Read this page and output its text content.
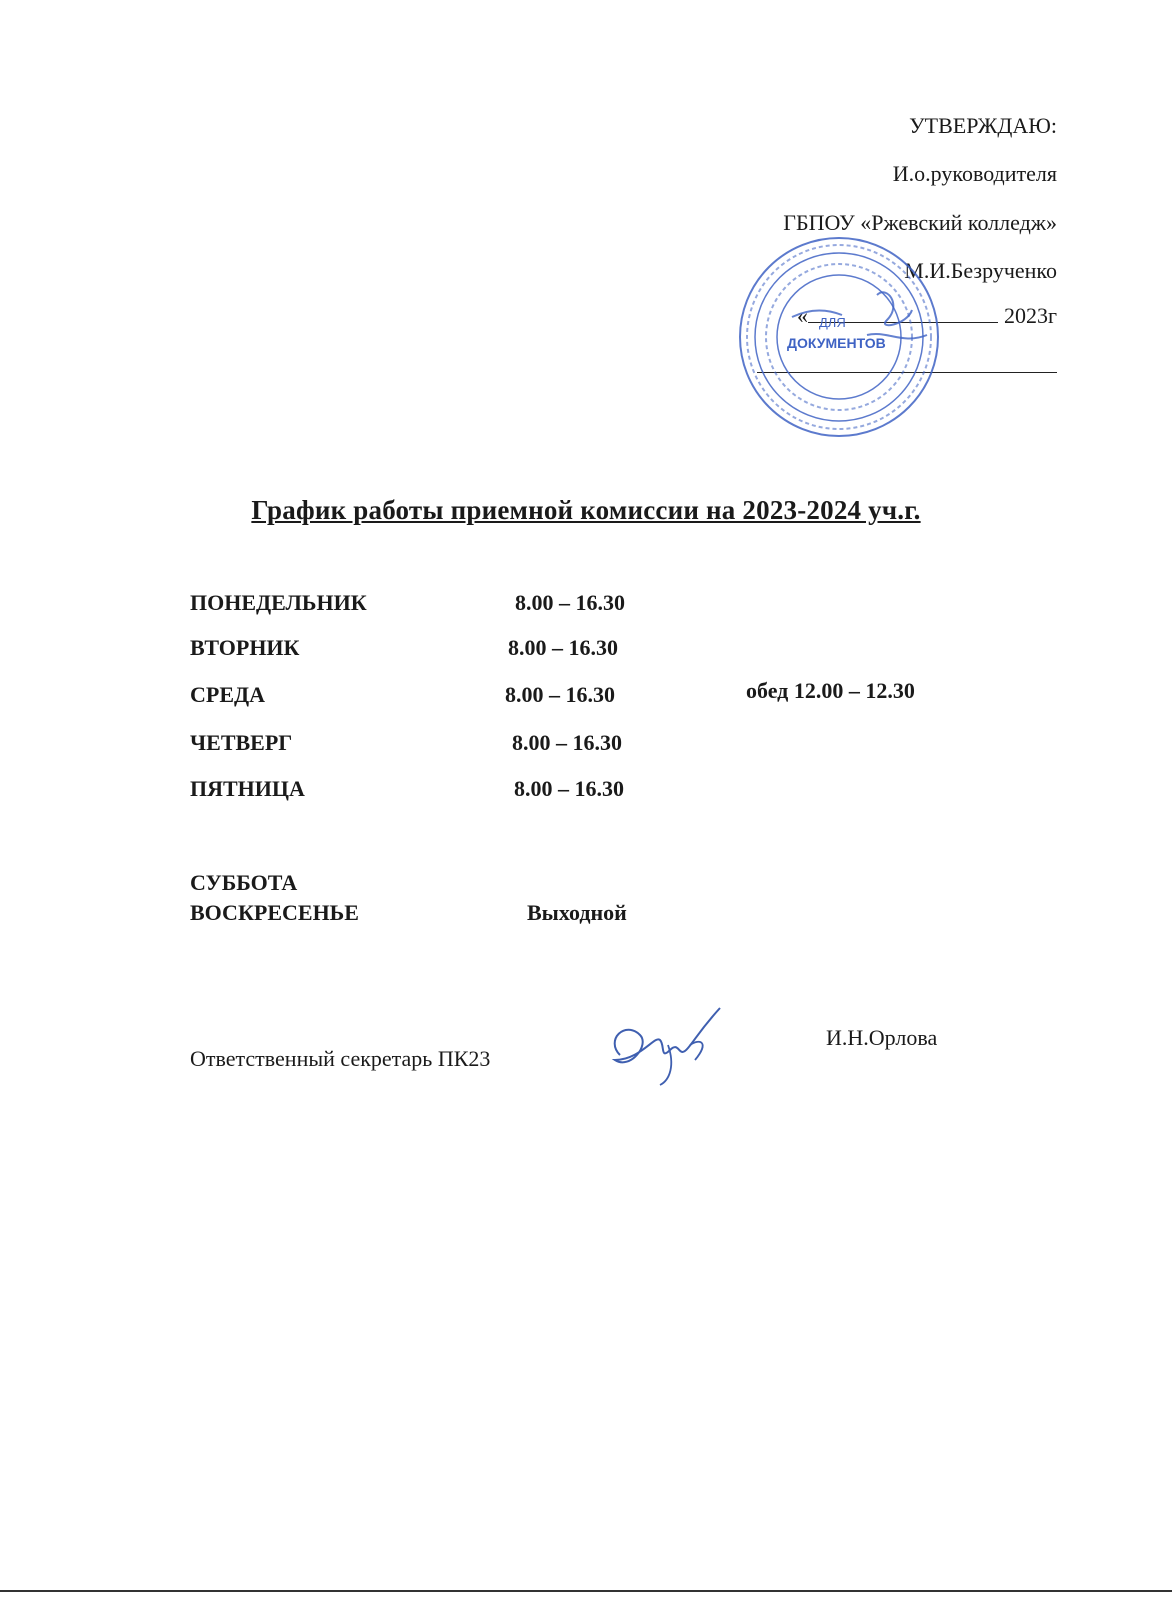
УТВЕРЖДАЮ:
И.о.руководителя
ГБПОУ «Ржевский колледж»
М.И.Безрученко
«	2023г
ДЛЯ
ДОКУМЕНТОВ
График работы приемной комиссии на 2023-2024 уч.г.
ПОНЕДЕЛЬНИК	8.00 – 16.30
ВТОРНИК	8.00 – 16.30
СРЕДА	8.00 – 16.30	обед 12.00 – 12.30
ЧЕТВЕРГ	8.00 – 16.30
ПЯТНИЦА	8.00 – 16.30
СУББОТА
ВОСКРЕСЕНЬЕ	Выходной
Ответственный секретарь ПК23
И.Н.Орлова
